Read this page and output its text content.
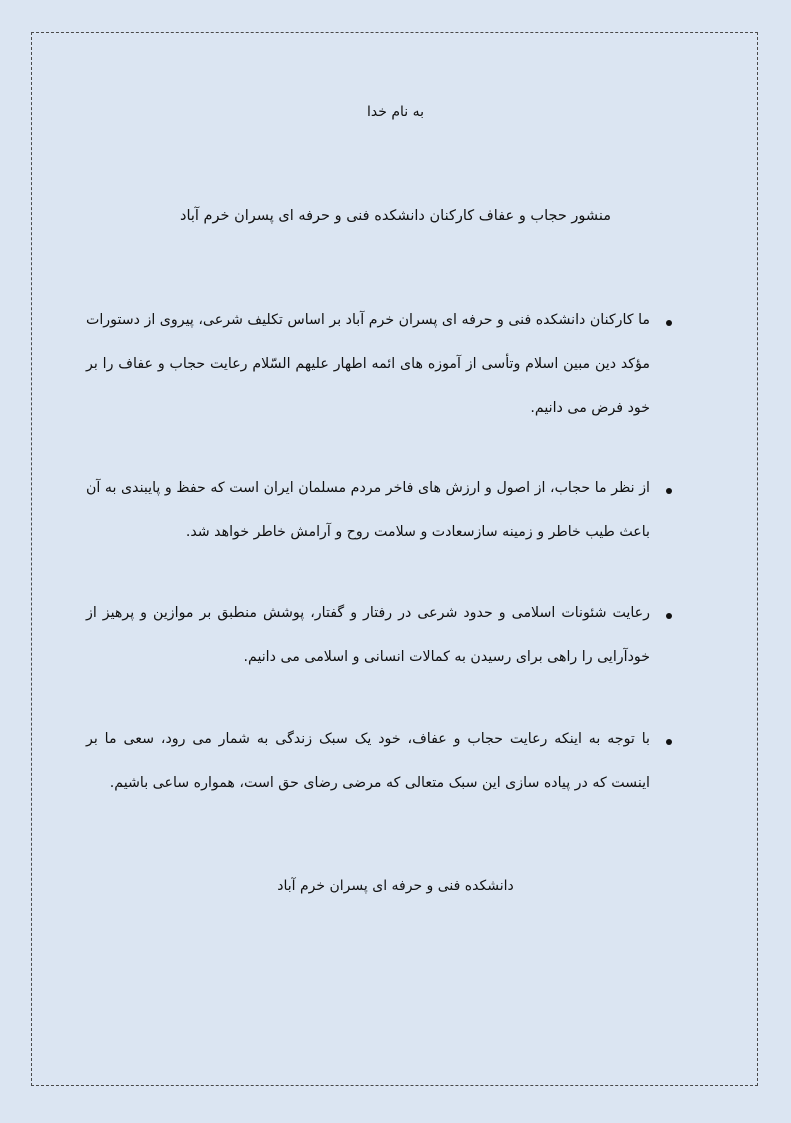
به نام خدا
منشور حجاب و عفاف کارکنان دانشکده فنی و حرفه ای پسران خرم آباد
ما کارکنان دانشکده فنی و حرفه ای پسران خرم آباد بر اساس تکلیف شرعی، پیروی از دستورات مؤکد دین مبین اسلام وتأسی از آموزه های ائمه اطهار علیهم السّلام رعایت حجاب و عفاف را بر خود فرض می دانیم.
از نظر ما حجاب، از اصول و ارزش های فاخر مردم مسلمان ایران است که حفظ و پایبندی به آن باعث طیب خاطر و زمینه سازسعادت و سلامت روح و آرامش خاطر خواهد شد.
رعایت شئونات اسلامی و حدود شرعی در رفتار و گفتار، پوشش منطبق بر موازین و پرهیز از خودآرایی را راهی برای رسیدن به کمالات انسانی و اسلامی می دانیم.
با توجه به اینکه رعایت حجاب و عفاف، خود یک سبک زندگی به شمار می رود، سعی ما بر اینست که در پیاده سازی این سبک متعالی که مرضی رضای حق است، همواره ساعی باشیم.
دانشکده فنی و حرفه ای پسران خرم آباد
